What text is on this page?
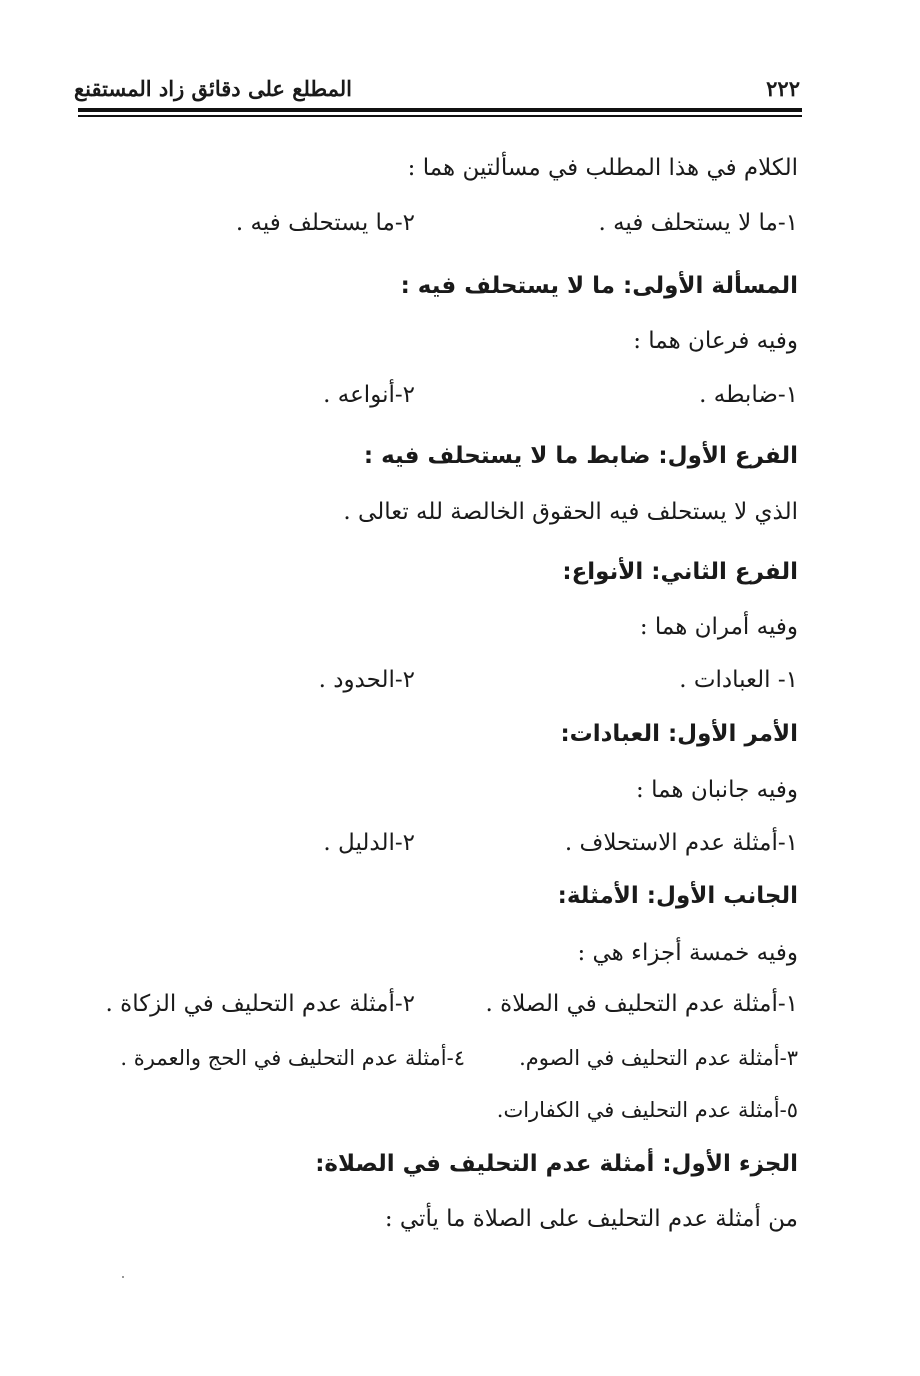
المطلع على دقائق زاد المستقنع	٢٢٢
الكلام في هذا المطلب في مسألتين هما :
١-ما لا يستحلف فيه .
٢-ما يستحلف فيه .
المسألة الأولى: ما لا يستحلف فيه :
وفيه فرعان هما :
١-ضابطه .
٢-أنواعه .
الفرع الأول: ضابط ما لا يستحلف فيه :
الذي لا يستحلف فيه الحقوق الخالصة لله تعالى .
الفرع الثاني: الأنواع:
وفيه أمران هما :
١- العبادات .
٢-الحدود .
الأمر الأول: العبادات:
وفيه جانبان هما :
١-أمثلة عدم الاستحلاف .
٢-الدليل .
الجانب الأول: الأمثلة:
وفيه خمسة أجزاء هي :
١-أمثلة عدم التحليف في الصلاة .
٢-أمثلة عدم التحليف في الزكاة .
٣-أمثلة عدم التحليف في الصوم.
٤-أمثلة عدم التحليف في الحج والعمرة .
٥-أمثلة عدم التحليف في الكفارات.
الجزء الأول: أمثلة عدم التحليف في الصلاة:
من أمثلة عدم التحليف على الصلاة ما يأتي :
